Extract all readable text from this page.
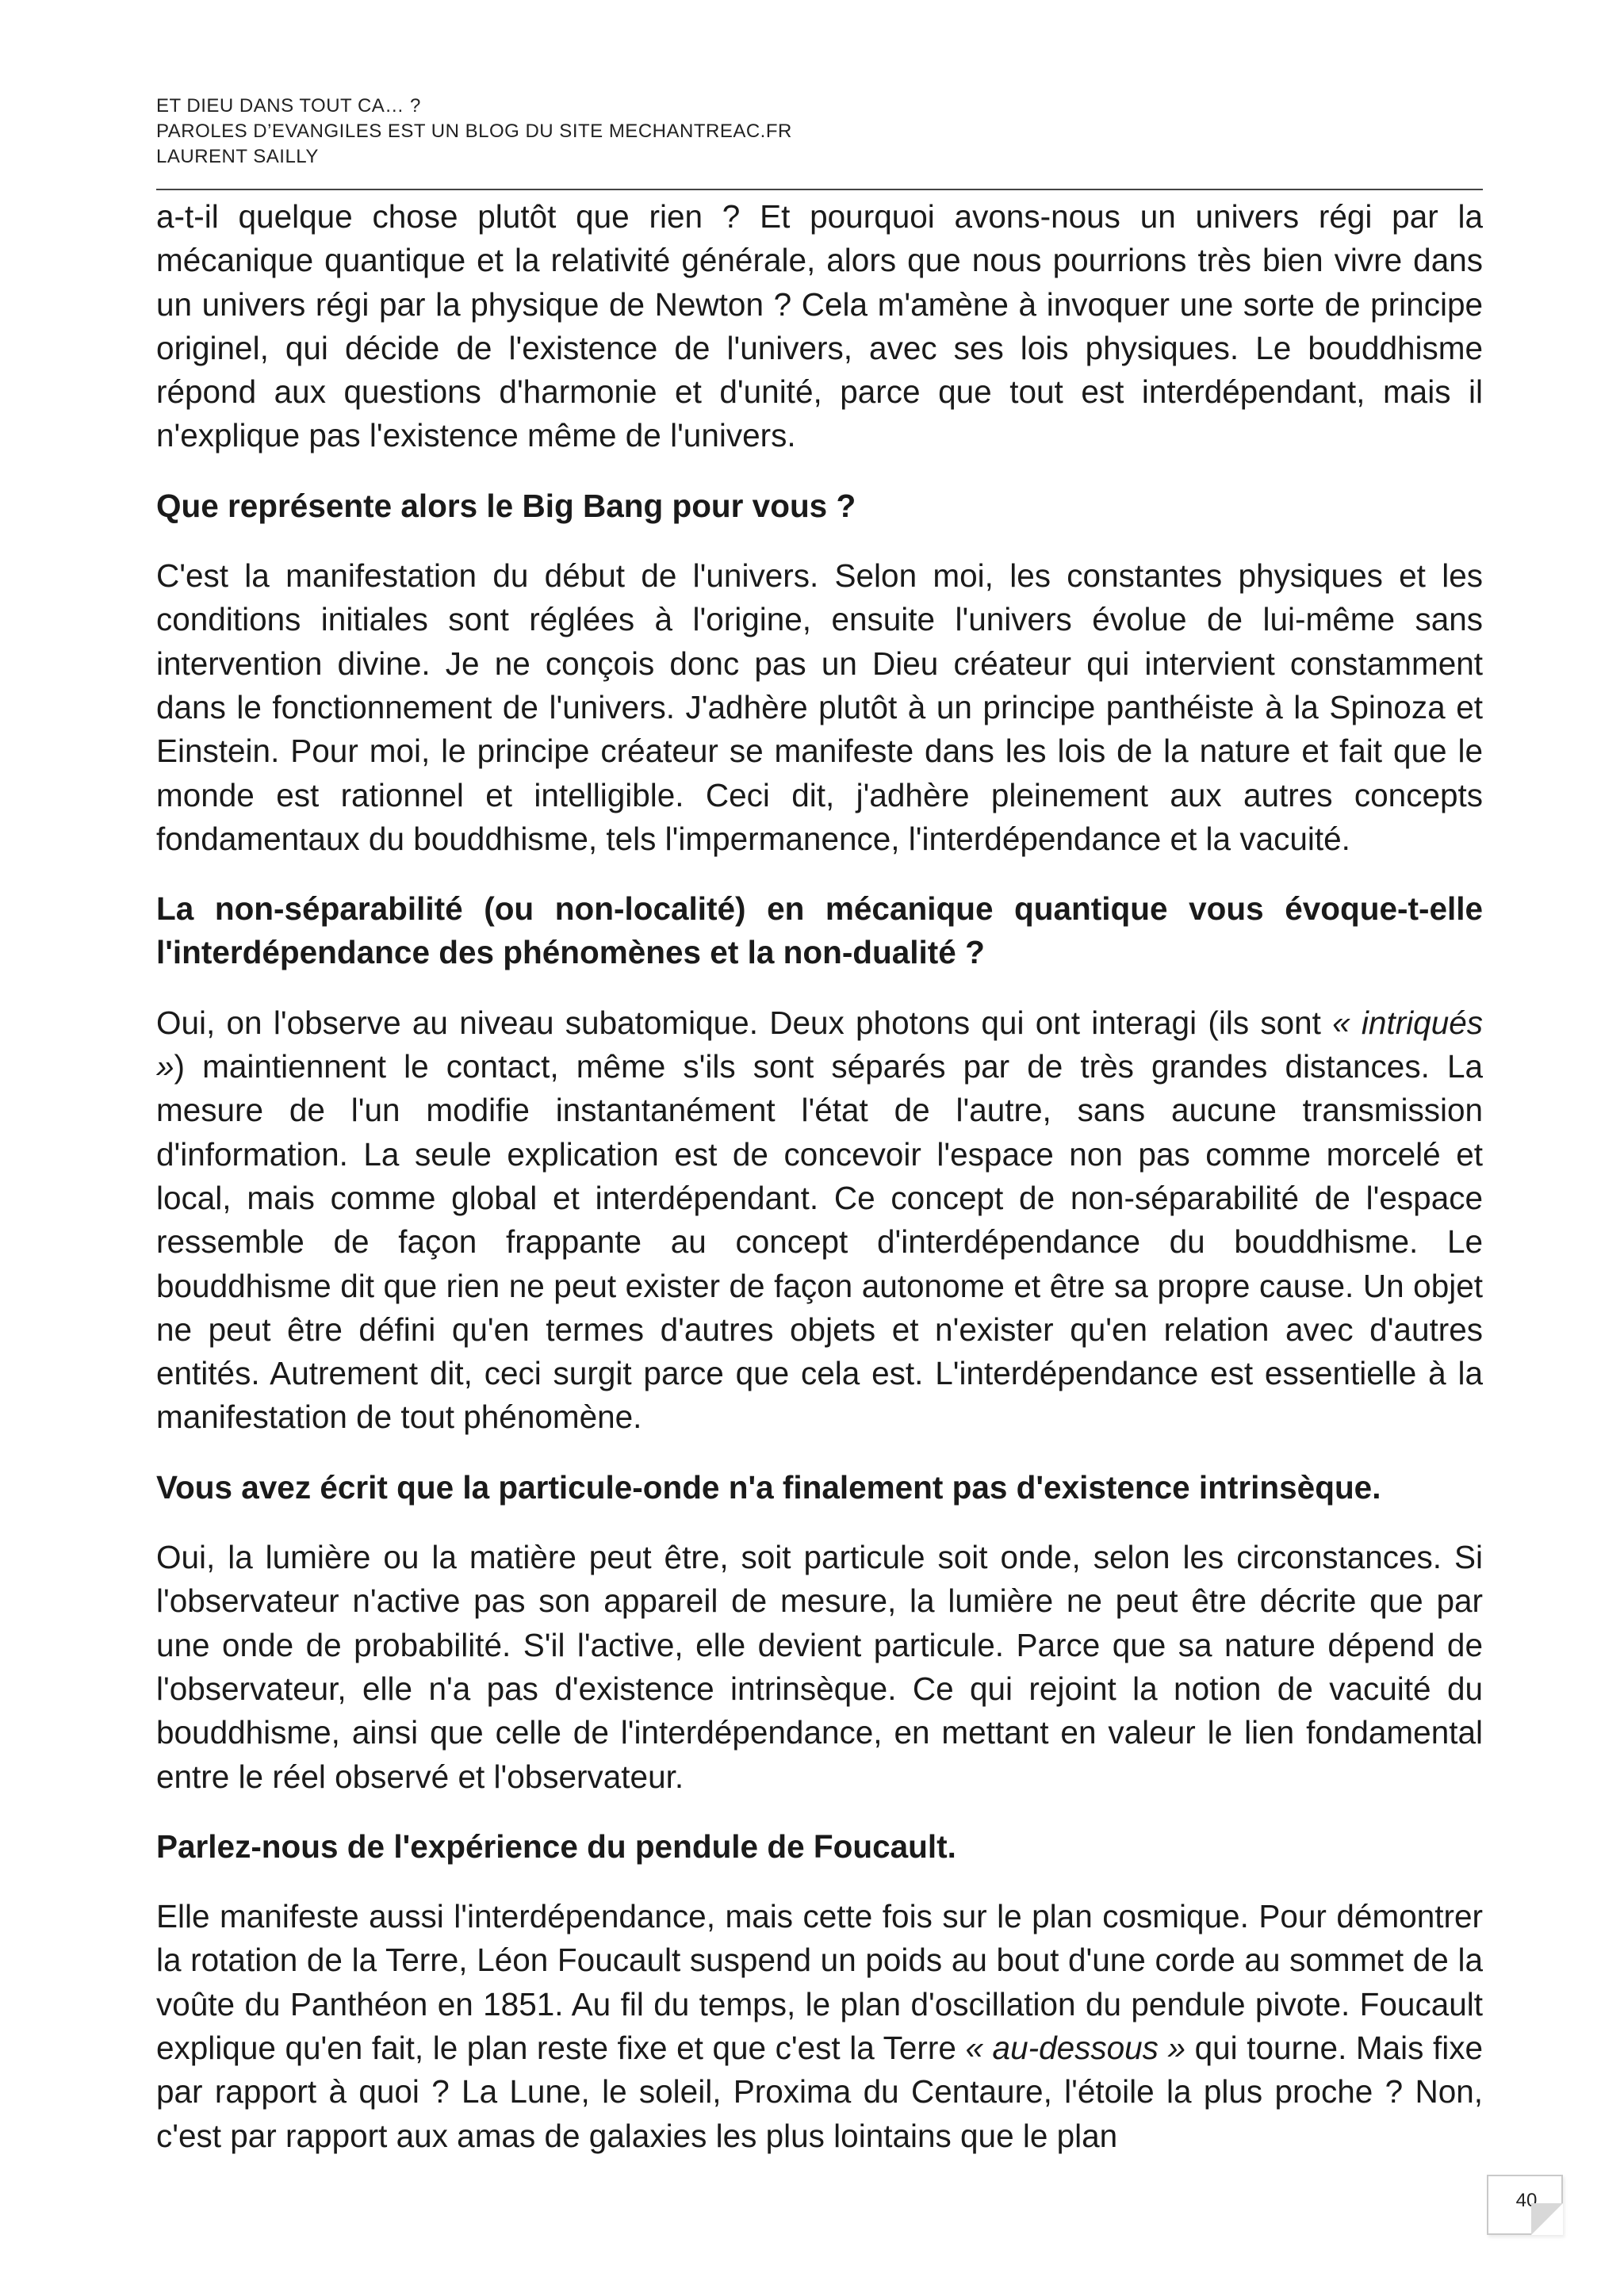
ET DIEU DANS TOUT CA… ?
PAROLES D’EVANGILES EST UN BLOG DU SITE MECHANTREAC.FR
LAURENT SAILLY

a-t-il quelque chose plutôt que rien ? Et pourquoi avons-nous un univers régi par la mécanique quantique et la relativité générale, alors que nous pourrions très bien vivre dans un univers régi par la physique de Newton ? Cela m'amène à invoquer une sorte de principe originel, qui décide de l'existence de l'univers, avec ses lois physiques. Le bouddhisme répond aux questions d'harmonie et d'unité, parce que tout est interdépendant, mais il n'explique pas l'existence même de l'univers.

Que représente alors le Big Bang pour vous ?

C'est la manifestation du début de l'univers. Selon moi, les constantes physiques et les conditions initiales sont réglées à l'origine, ensuite l'univers évolue de lui-même sans intervention divine. Je ne conçois donc pas un Dieu créateur qui intervient constamment dans le fonctionnement de l'univers. J'adhère plutôt à un principe panthéiste à la Spinoza et Einstein. Pour moi, le principe créateur se manifeste dans les lois de la nature et fait que le monde est rationnel et intelligible. Ceci dit, j'adhère pleinement aux autres concepts fondamentaux du bouddhisme, tels l'impermanence, l'interdépendance et la vacuité.

La non-séparabilité (ou non-localité) en mécanique quantique vous évoque-t-elle l'interdépendance des phénomènes et la non-dualité ?

Oui, on l'observe au niveau subatomique. Deux photons qui ont interagi (ils sont « intriqués ») maintiennent le contact, même s'ils sont séparés par de très grandes distances. La mesure de l'un modifie instantanément l'état de l'autre, sans aucune transmission d'information. La seule explication est de concevoir l'espace non pas comme morcelé et local, mais comme global et interdépendant. Ce concept de non-séparabilité de l'espace ressemble de façon frappante au concept d'interdépendance du bouddhisme. Le bouddhisme dit que rien ne peut exister de façon autonome et être sa propre cause. Un objet ne peut être défini qu'en termes d'autres objets et n'exister qu'en relation avec d'autres entités. Autrement dit, ceci surgit parce que cela est. L'interdépendance est essentielle à la manifestation de tout phénomène.

Vous avez écrit que la particule-onde n'a finalement pas d'existence intrinsèque.

Oui, la lumière ou la matière peut être, soit particule soit onde, selon les circonstances. Si l'observateur n'active pas son appareil de mesure, la lumière ne peut être décrite que par une onde de probabilité. S'il l'active, elle devient particule. Parce que sa nature dépend de l'observateur, elle n'a pas d'existence intrinsèque. Ce qui rejoint la notion de vacuité du bouddhisme, ainsi que celle de l'interdépendance, en mettant en valeur le lien fondamental entre le réel observé et l'observateur.

Parlez-nous de l'expérience du pendule de Foucault.

Elle manifeste aussi l'interdépendance, mais cette fois sur le plan cosmique. Pour démontrer la rotation de la Terre, Léon Foucault suspend un poids au bout d'une corde au sommet de la voûte du Panthéon en 1851. Au fil du temps, le plan d'oscillation du pendule pivote. Foucault explique qu'en fait, le plan reste fixe et que c'est la Terre « au-dessous » qui tourne. Mais fixe par rapport à quoi ? La Lune, le soleil, Proxima du Centaure, l'étoile la plus proche ? Non, c'est par rapport aux amas de galaxies les plus lointains que le plan

40
